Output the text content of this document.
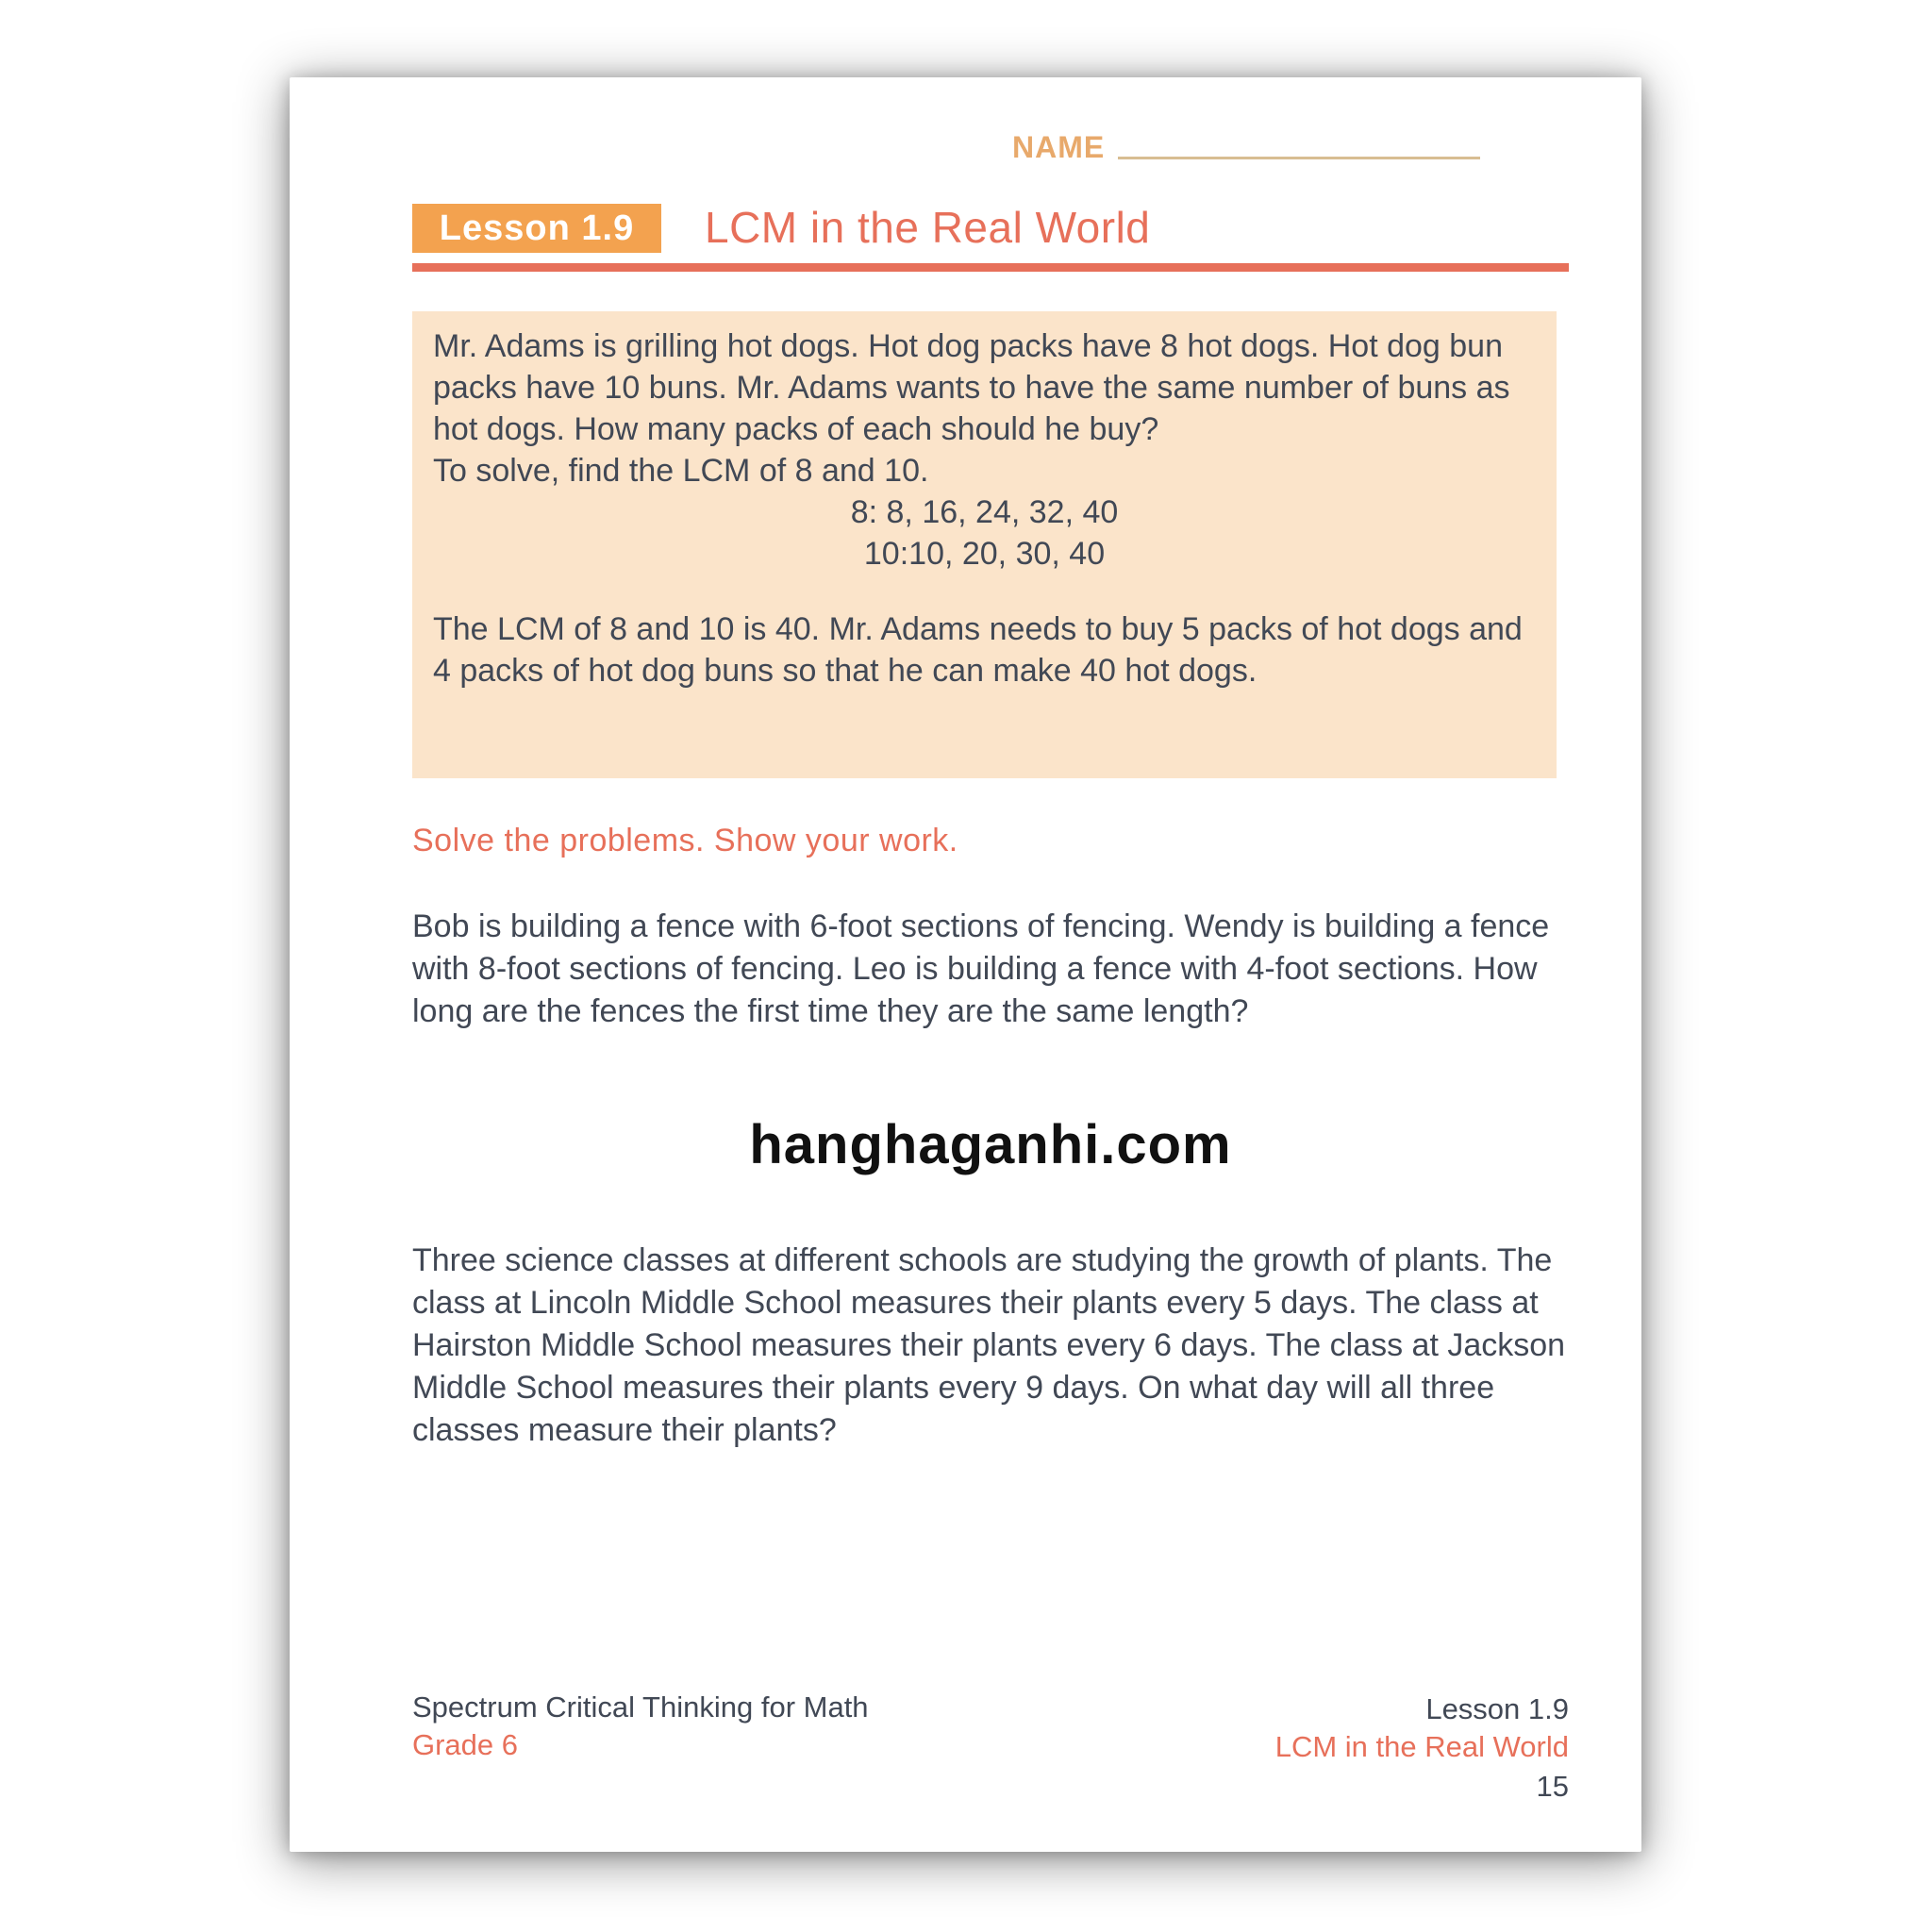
NAME
Lesson 1.9	LCM in the Real World

Mr. Adams is grilling hot dogs. Hot dog packs have 8 hot dogs. Hot dog bun packs have 10 buns. Mr. Adams wants to have the same number of buns as hot dogs. How many packs of each should he buy?

To solve, find the LCM of 8 and 10.

8: 8, 16, 24, 32, 40
10:10, 20, 30, 40

The LCM of 8 and 10 is 40. Mr. Adams needs to buy 5 packs of hot dogs and 4 packs of hot dog buns so that he can make 40 hot dogs.

Solve the problems. Show your work.
Bob is building a fence with 6-foot sections of fencing. Wendy is building a fence with 8-foot sections of fencing. Leo is building a fence with 4-foot sections. How long are the fences the first time they are the same length?
hanghaganhi.com
Three science classes at different schools are studying the growth of plants. The class at Lincoln Middle School measures their plants every 5 days. The class at Hairston Middle School measures their plants every 6 days. The class at Jackson Middle School measures their plants every 9 days. On what day will all three classes measure their plants?
Spectrum Critical Thinking for Math
Grade 6
Lesson 1.9
LCM in the Real World
15
